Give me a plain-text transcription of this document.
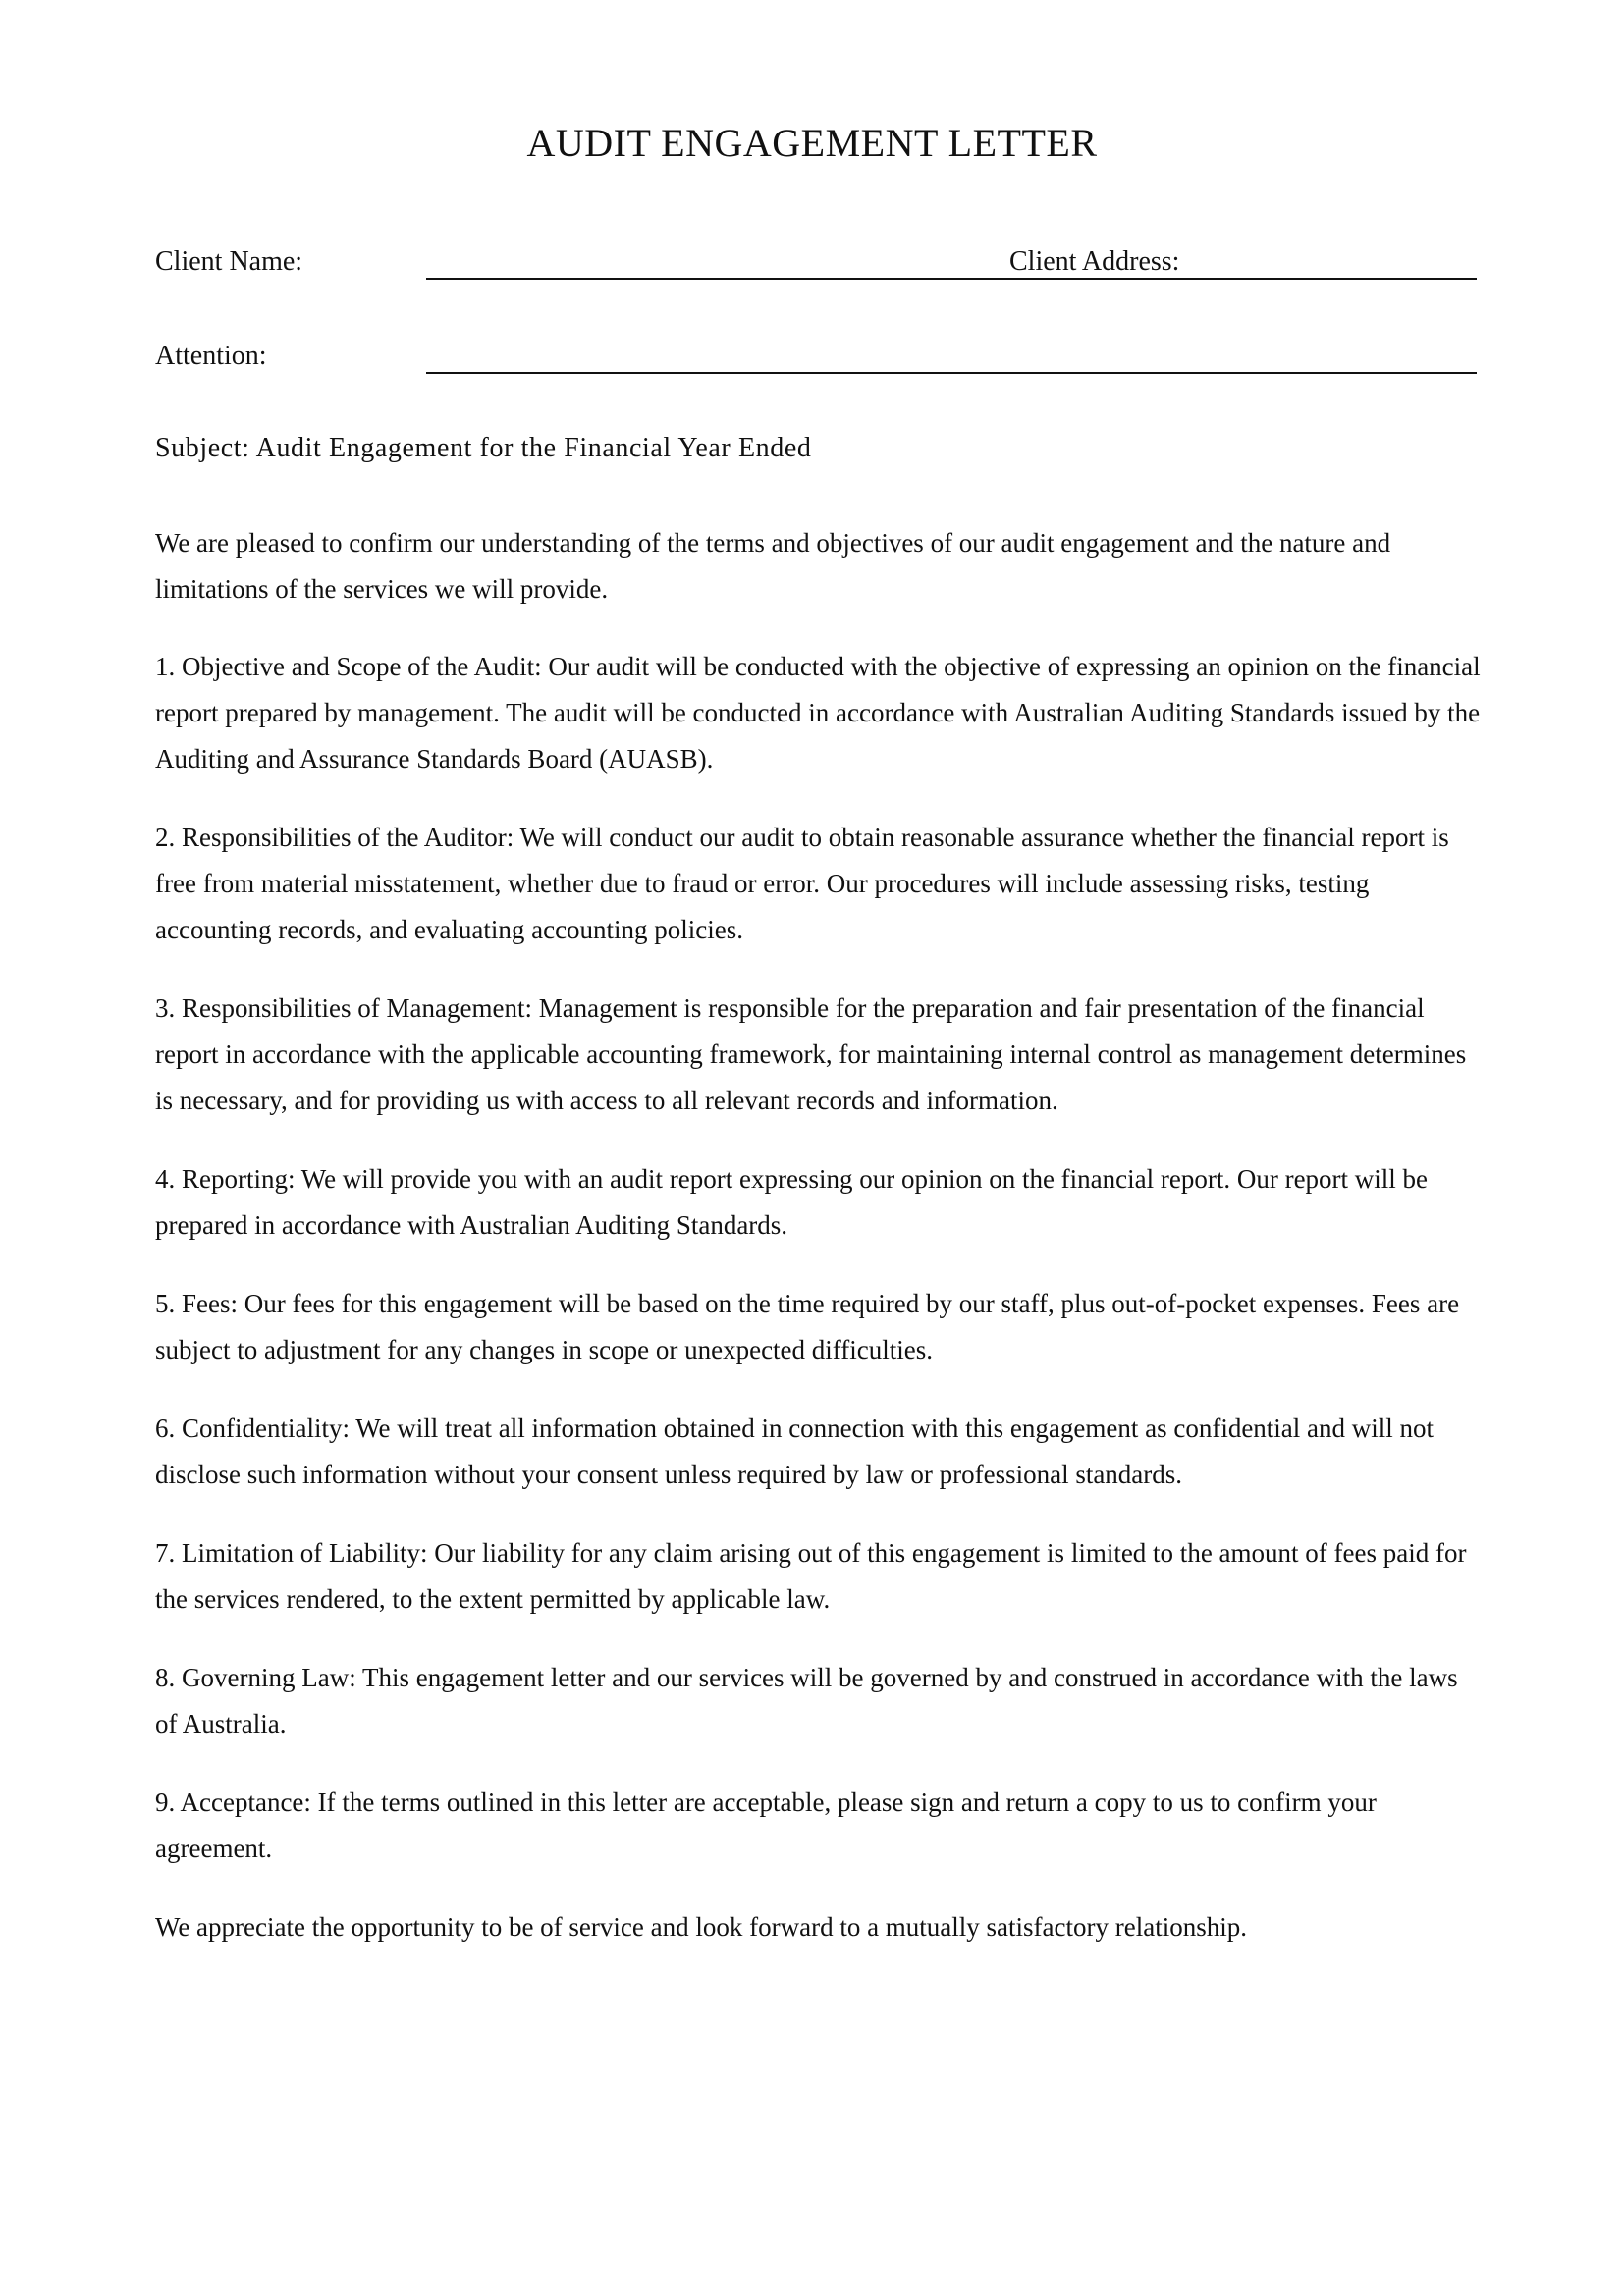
AUDIT ENGAGEMENT LETTER
Client Name:	Client Address:
Attention:
Subject: Audit Engagement for the Financial Year Ended

We are pleased to confirm our understanding of the terms and objectives of our audit engagement and the nature and limitations of the services we will provide.

1. Objective and Scope of the Audit: Our audit will be conducted with the objective of expressing an opinion on the financial report prepared by management. The audit will be conducted in accordance with Australian Auditing Standards issued by the Auditing and Assurance Standards Board (AUASB).

2. Responsibilities of the Auditor: We will conduct our audit to obtain reasonable assurance whether the financial report is free from material misstatement, whether due to fraud or error. Our procedures will include assessing risks, testing accounting records, and evaluating accounting policies.

3. Responsibilities of Management: Management is responsible for the preparation and fair presentation of the financial report in accordance with the applicable accounting framework, for maintaining internal control as management determines is necessary, and for providing us with access to all relevant records and information.

4. Reporting: We will provide you with an audit report expressing our opinion on the financial report. Our report will be prepared in accordance with Australian Auditing Standards.

5. Fees: Our fees for this engagement will be based on the time required by our staff, plus out-of-pocket expenses. Fees are subject to adjustment for any changes in scope or unexpected difficulties.

6. Confidentiality: We will treat all information obtained in connection with this engagement as confidential and will not disclose such information without your consent unless required by law or professional standards.

7. Limitation of Liability: Our liability for any claim arising out of this engagement is limited to the amount of fees paid for the services rendered, to the extent permitted by applicable law.

8. Governing Law: This engagement letter and our services will be governed by and construed in accordance with the laws of Australia.

9. Acceptance: If the terms outlined in this letter are acceptable, please sign and return a copy to us to confirm your agreement.

We appreciate the opportunity to be of service and look forward to a mutually satisfactory relationship.
